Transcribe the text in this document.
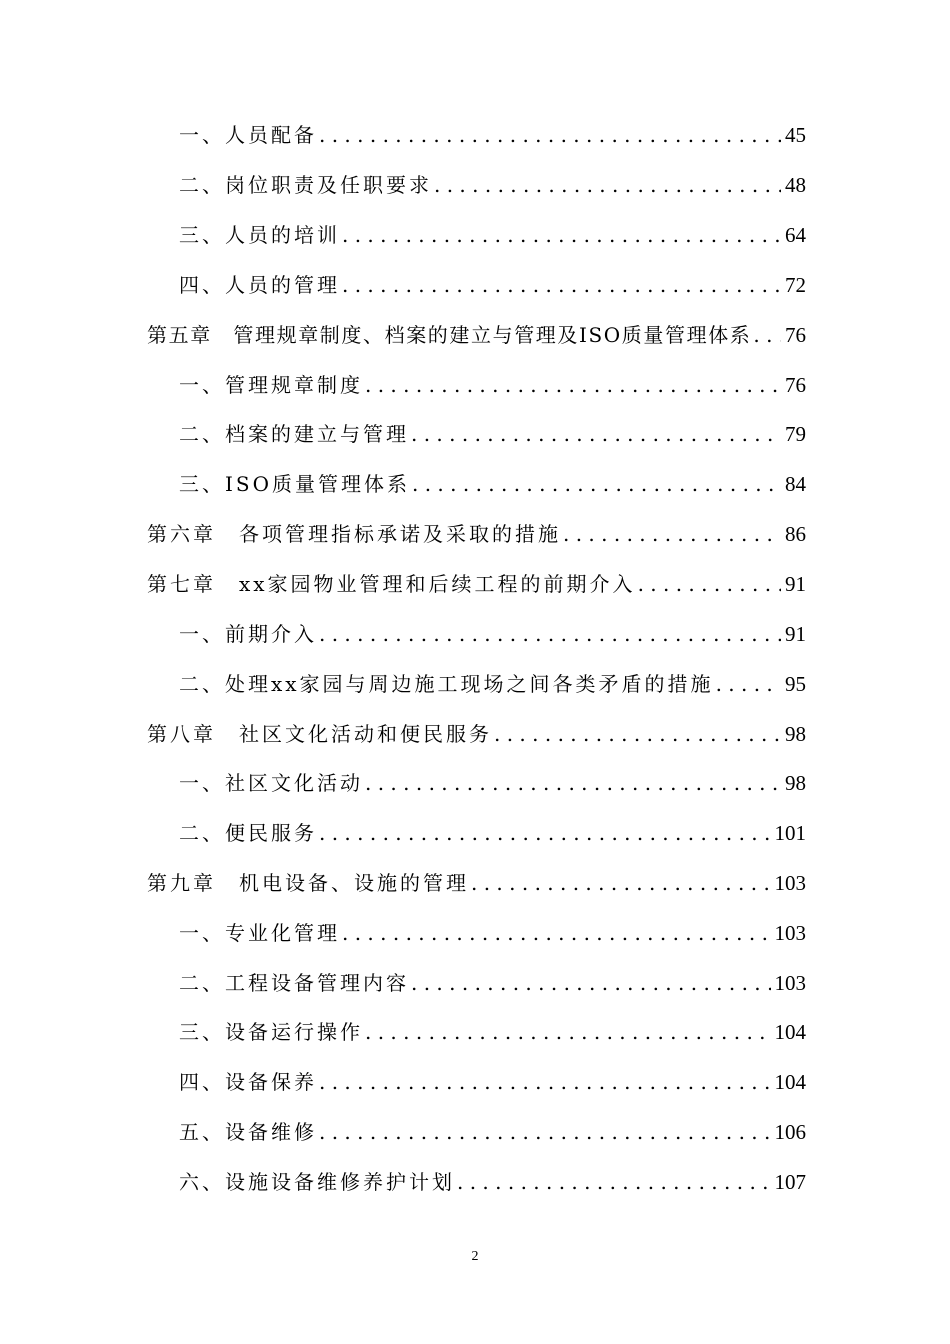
一、人员配备 . . .	45
二、岗位职责及任职要求 . . .	48
三、人员的培训 . . .	64
四、人员的管理 . . .	72
第五章　管理规章制度、档案的建立与管理及ISO质量管理体系 . . . 76
一、管理规章制度 . . .	76
二、档案的建立与管理 . . .	79
三、ISO质量管理体系 . . .	84
第六章　各项管理指标承诺及采取的措施 . . .	86
第七章　xx家园物业管理和后续工程的前期介入 . . .	91
一、前期介入 . . .	91
二、处理xx家园与周边施工现场之间各类矛盾的措施 . . .	95
第八章　社区文化活动和便民服务 . . .	98
一、社区文化活动 . . .	98
二、便民服务 . . .	101
第九章　机电设备、设施的管理 . . .	103
一、专业化管理 . . .	103
二、工程设备管理内容 . . .	103
三、设备运行操作 . . .	104
四、设备保养 . . .	104
五、设备维修 . . .	106
六、设施设备维修养护计划 . . .	107
2
